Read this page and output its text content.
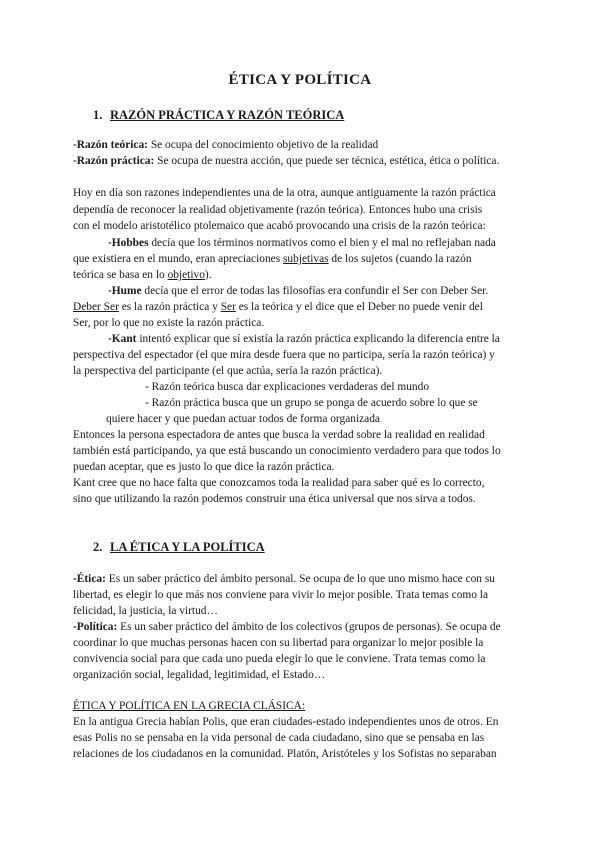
ÉTICA Y POLÍTICA
1. RAZÓN PRÁCTICA Y RAZÓN TEÓRICA
-Razón teórica: Se ocupa del conocimiento objetivo de la realidad
-Razón práctica: Se ocupa de nuestra acción, que puede ser técnica, estética, ética o política.
Hoy en día son razones independientes una de la otra, aunque antiguamente la razón práctica
dependía de reconocer la realidad objetivamente (razón teórica). Entonces hubo una crisis
con el modelo aristotélico ptolemaico que acabó provocando una crisis de la razón teórica:
-Hobbes decía que los términos normativos como el bien y el mal no reflejaban nada
que existiera en el mundo, eran apreciaciones subjetivas de los sujetos (cuando la razón
teórica se basa en lo objetivo).
-Hume decía que el error de todas las filosofías era confundir el Ser con Deber Ser.
Deber Ser es la razón práctica y Ser es la teórica y el dice que el Deber no puede venir del
Ser, por lo que no existe la razón práctica.
-Kant intentó explicar que sí existía la razón práctica explicando la diferencia entre la
perspectiva del espectador (el que mira desde fuera que no participa, sería la razón teórica) y
la perspectiva del participante (el que actúa, sería la razón práctica).
- Razón teórica busca dar explicaciones verdaderas del mundo
- Razón práctica busca que un grupo se ponga de acuerdo sobre lo que se
quiere hacer y que puedan actuar todos de forma organizada
Entonces la persona espectadora de antes que busca la verdad sobre la realidad en realidad
también está participando, ya que está buscando un conocimiento verdadero para que todos lo
puedan aceptar, que es justo lo que dice la razón práctica.
Kant cree que no hace falta que conozcamos toda la realidad para saber qué es lo correcto,
sino que utilizando la razón podemos construir una ética universal que nos sirva a todos.
2. LA ÉTICA Y LA POLÍTICA
-Ética: Es un saber práctico del ámbito personal. Se ocupa de lo que uno mismo hace con su
libertad, es elegir lo que más nos conviene para vivir lo mejor posible. Trata temas como la
felicidad, la justicia, la virtud…
-Política: Es un saber práctico del ámbito de los colectivos (grupos de personas). Se ocupa de
coordinar lo que muchas personas hacen con su libertad para organizar lo mejor posible la
convivencia social para que cada uno pueda elegir lo que le conviene. Trata temas como la
organización social, legalidad, legitimidad, el Estado…
ÉTICA Y POLÍTICA EN LA GRECIA CLÁSICA:
En la antigua Grecia habían Polis, que eran ciudades-estado independientes unos de otros. En
esas Polis no se pensaba en la vida personal de cada ciudadano, sino que se pensaba en las
relaciones de los ciudadanos en la comunidad. Platón, Aristóteles y los Sofistas no separaban
